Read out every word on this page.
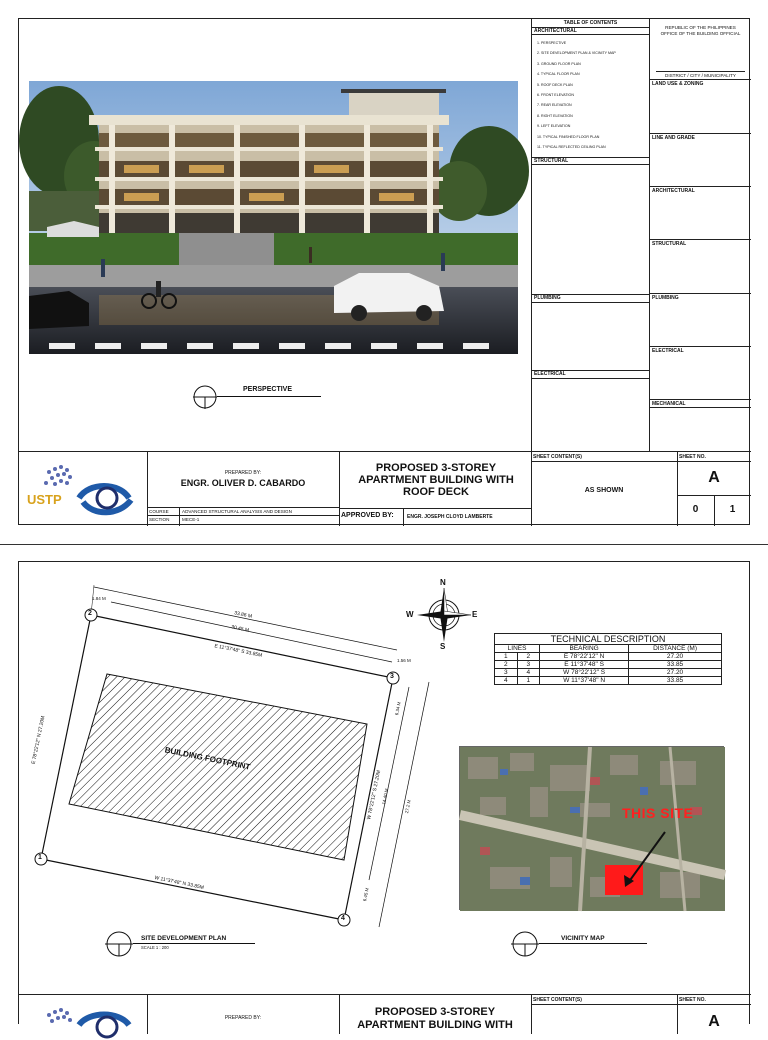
PERSPECTIVE
TABLE OF CONTENTS
ARCHITECTURAL
1. PERSPECTIVE
2. SITE DEVELOPMENT PLAN & VICINITY MAP
3. GROUND FLOOR PLAN
4. TYPICAL FLOOR PLAN
5. ROOF DECK PLAN
6. FRONT ELEVATION
7. REAR ELEVATION
8. RIGHT ELEVATION
9. LEFT ELEVATION
10. TYPICAL FINISHED FLOOR PLAN
11. TYPICAL REFLECTED CEILING PLAN
STRUCTURAL
PLUMBING
ELECTRICAL
REPUBLIC OF THE PHILIPPINES
OFFICE OF THE BUILDING OFFICIAL
DISTRICT / CITY / MUNICIPALITY
LAND USE & ZONING
LINE AND GRADE
ARCHITECTURAL
STRUCTURAL
PLUMBING
ELECTRICAL
MECHANICAL
USTP
PREPARED BY:
ENGR. OLIVER D. CABARDO
COURSE	ADVANCED STRUCTURAL ANALYSIS AND DESIGN
SECTION	MECE-1
PROPOSED 3-STOREY APARTMENT BUILDING WITH ROOF DECK
APPROVED BY:	ENGR. JOSEPH CLOYD LAMBERTE
SHEET CONTENT(S)
AS SHOWN
SHEET NO.
A
0	1
2
3
4
1
33.86 M
30.45 M
E 11°37'48" S 33.85M
1.84 M
1.56 M
E 78°22'12" N 27.20M
W 78°22'12" S 27.20M
6.34 M
14.40 M
27.2 M
6.45 M
W 11°37'48" N 33.85M
BUILDING FOOTPRINT
N
S
W	E
TECHNICAL DESCRIPTION			
LINES		BEARING	DISTANCE (M)
1	2	E 78°22'12" N	27.20
2	3	E 11°37'48" S	33.85
3	4	W 78°22'12" S	27.20
4	1	W 11°37'48" N	33.85
THIS SITE
SITE DEVELOPMENT PLAN
SCALE 1 : 200
VICINITY MAP
PREPARED BY:	PROPOSED 3-STOREY
APARTMENT BUILDING WITH
SHEET CONTENT(S)	SHEET NO.
A
